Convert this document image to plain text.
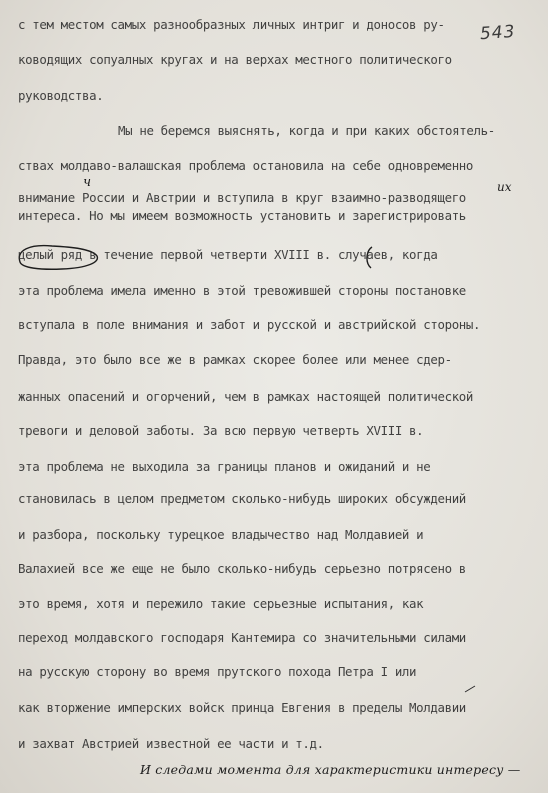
543
с тем местом самых разнообразных личных интриг и доносов ру-
ководящих сопуалных кругах и на верхах местного политического
руководства.
Мы не беремся выяснять, когда и при каких обстоятель-
ствах молдаво-валашская проблема остановила на себе одновременно
внимание России и Австрии и вступила в круг взаимно-разводящего
интереса. Но мы имеем возможность установить и зарегистрировать
целый ряд в течение первой четверти XVIII в. случаев, когда
эта проблема имела именно в этой тревожившей стороны постановке
вступала в поле внимания и забот и русской и австрийской стороны.
Правда, это было все же в рамках скорее более или менее сдер-
жанных опасений и огорчений, чем в рамках настоящей политической
тревоги и деловой заботы. За всю первую четверть XVIII в.
эта проблема не выходила за границы планов и ожиданий и не
становилась в целом предметом сколько-нибудь широких обсуждений
и разбора, поскольку турецкое владычество над Молдавией и
Валахией все же еще не было сколько-нибудь серьезно потрясено в
это время, хотя и пережило такие серьезные испытания, как
переход молдавского господаря Кантемира со значительными силами
на русскую сторону во время прутского похода Петра I или
как вторжение имперских войск принца Евгения в пределы Молдавии
и захват Австрией известной ее части и т.д.
их
ч
И следами момента для характеристики интересу —
